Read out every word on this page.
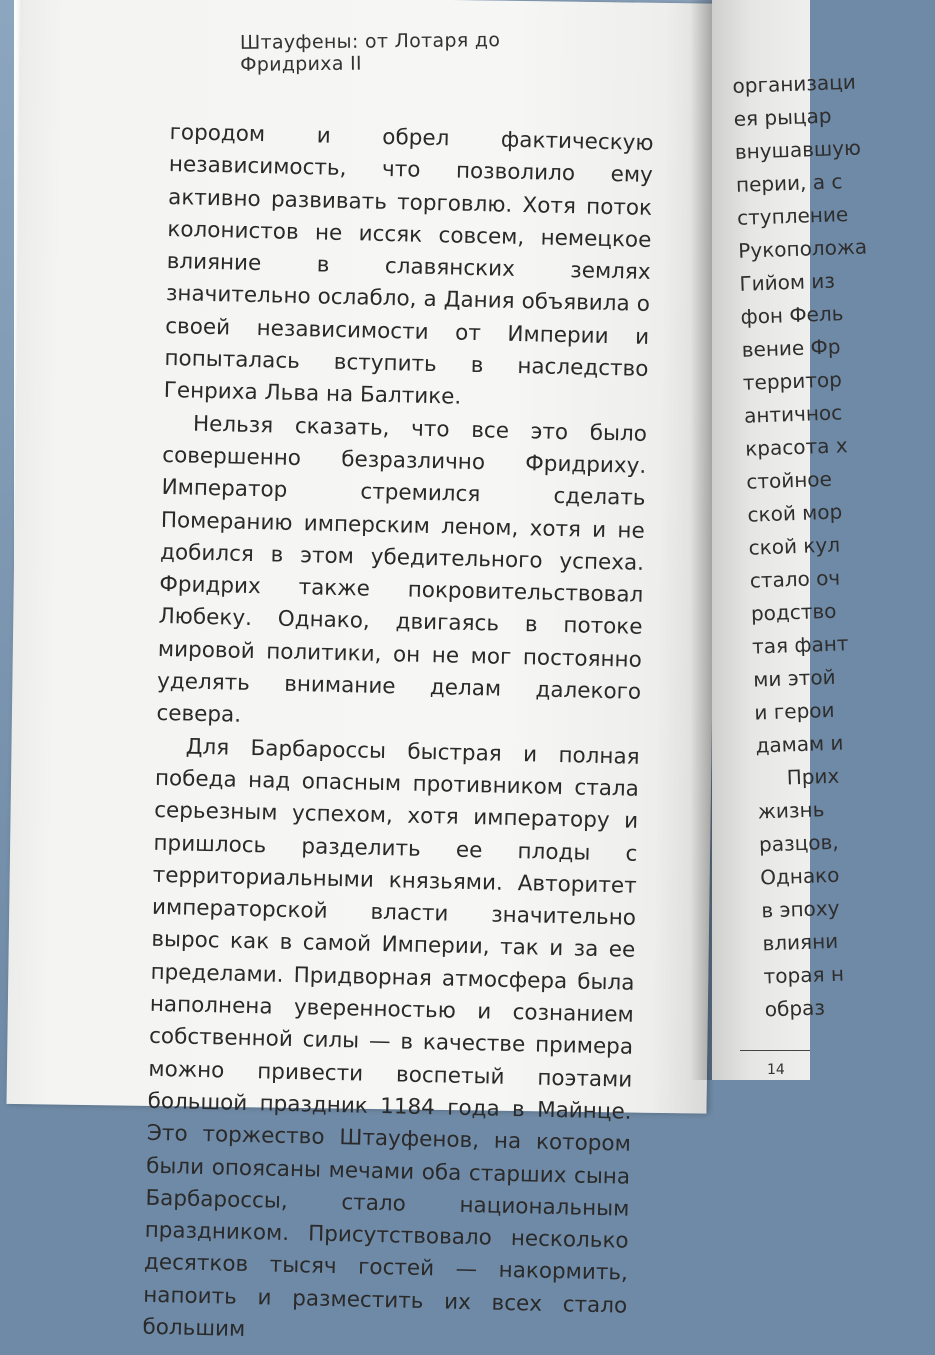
Штауфены: от Лотаря до Фридриха II

городом и обрел фактическую независимость, что позволило ему активно развивать торговлю. Хотя поток колонистов не иссяк совсем, немецкое влияние в славянских землях значительно ослабло, а Дания объявила о своей независимости от Империи и попыталась вступить в наследство Генриха Льва на Балтике.

Нельзя сказать, что все это было совершенно безразлично Фридриху. Император стремился сделать Померанию имперским леном, хотя и не добился в этом убедительного успеха. Фридрих также покровительствовал Любеку. Однако, двигаясь в потоке мировой политики, он не мог постоянно уделять внимание делам далекого севера.

Для Барбароссы быстрая и полная победа над опасным противником стала серьезным успехом, хотя императору и пришлось разделить ее плоды с территориальными князьями. Авторитет императорской власти значительно вырос как в самой Империи, так и за ее пределами. Придворная атмосфера была наполнена уверенностью и сознанием собственной силы — в качестве примера можно привести воспетый поэтами большой праздник 1184 года в Майнце. Это торжество Штауфенов, на котором были опоясаны мечами оба старших сына Барбароссы, стало национальным праздником. Присутствовало несколько десятков тысяч гостей — накормить, напоить и разместить их всех стало большим

организаци
ея рыцар
внушавшую
перии, а с
ступление
Рукоположа
Гийом из
фон Фель
вение Фр
территор
античнос
красота х
стойное
ской мор
ской кул
стало оч
родство
тая фант
ми этой
и герои
дамам и
Прих
жизнь
разцов,
Однако
в эпоху
влияни
торая н
образ
14
